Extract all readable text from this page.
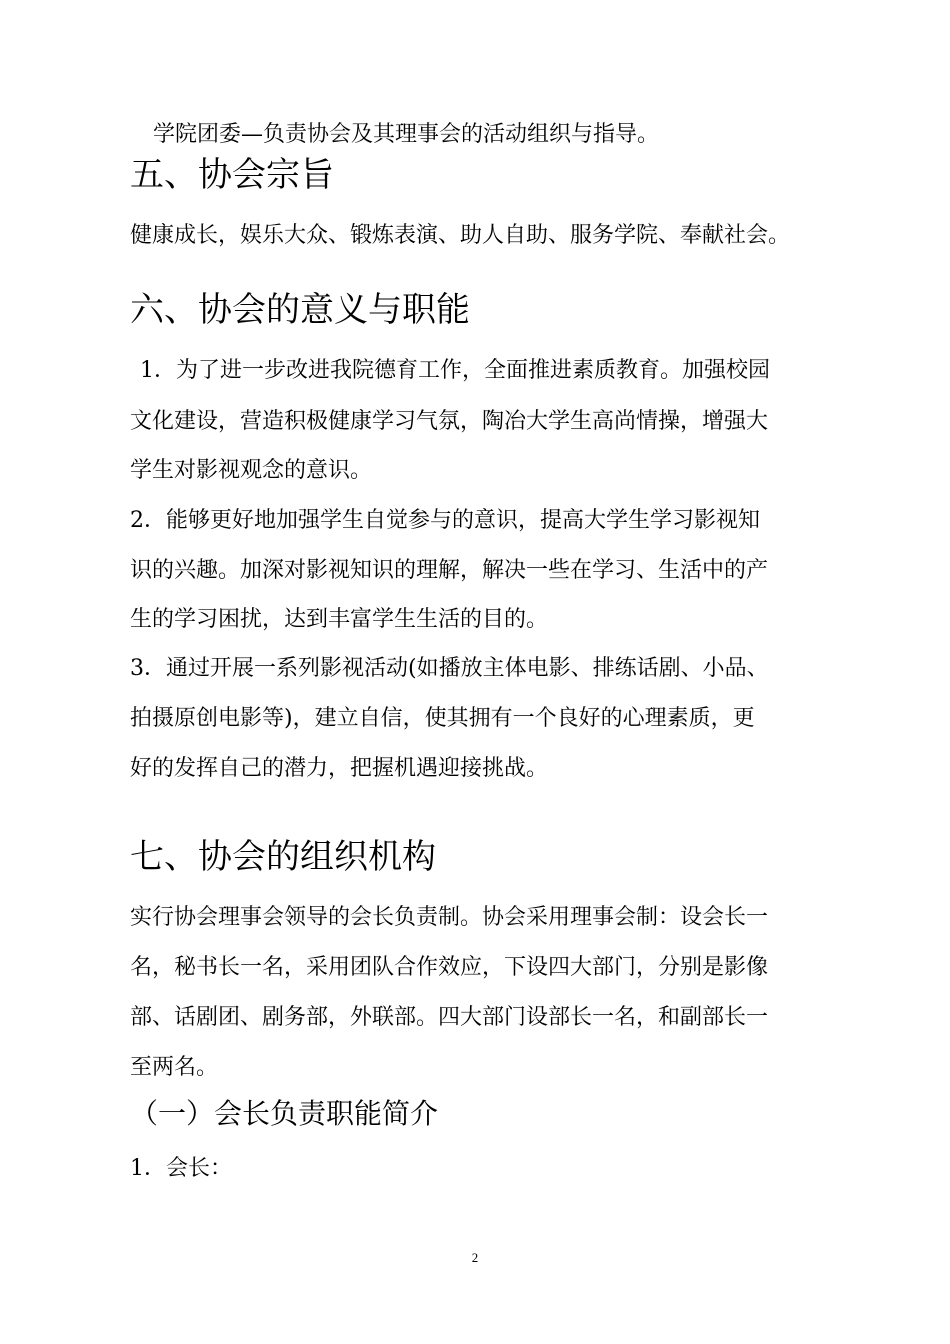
学院团委—负责协会及其理事会的活动组织与指导。
五、协会宗旨
健康成长，娱乐大众、锻炼表演、助人自助、服务学院、奉献社会。
六、协会的意义与职能
1．为了进一步改进我院德育工作，全面推进素质教育。加强校园
文化建设，营造积极健康学习气氛，陶冶大学生高尚情操，增强大
学生对影视观念的意识。
2．能够更好地加强学生自觉参与的意识，提高大学生学习影视知
识的兴趣。加深对影视知识的理解，解决一些在学习、生活中的产
生的学习困扰，达到丰富学生生活的目的。
3．通过开展一系列影视活动(如播放主体电影、排练话剧、小品、
拍摄原创电影等)，建立自信，使其拥有一个良好的心理素质，更
好的发挥自己的潜力，把握机遇迎接挑战。
七、协会的组织机构
实行协会理事会领导的会长负责制。协会采用理事会制：设会长一
名，秘书长一名，采用团队合作效应，下设四大部门，分别是影像
部、话剧团、剧务部，外联部。四大部门设部长一名，和副部长一
至两名。
（一）会长负责职能简介
1．会长：
2
